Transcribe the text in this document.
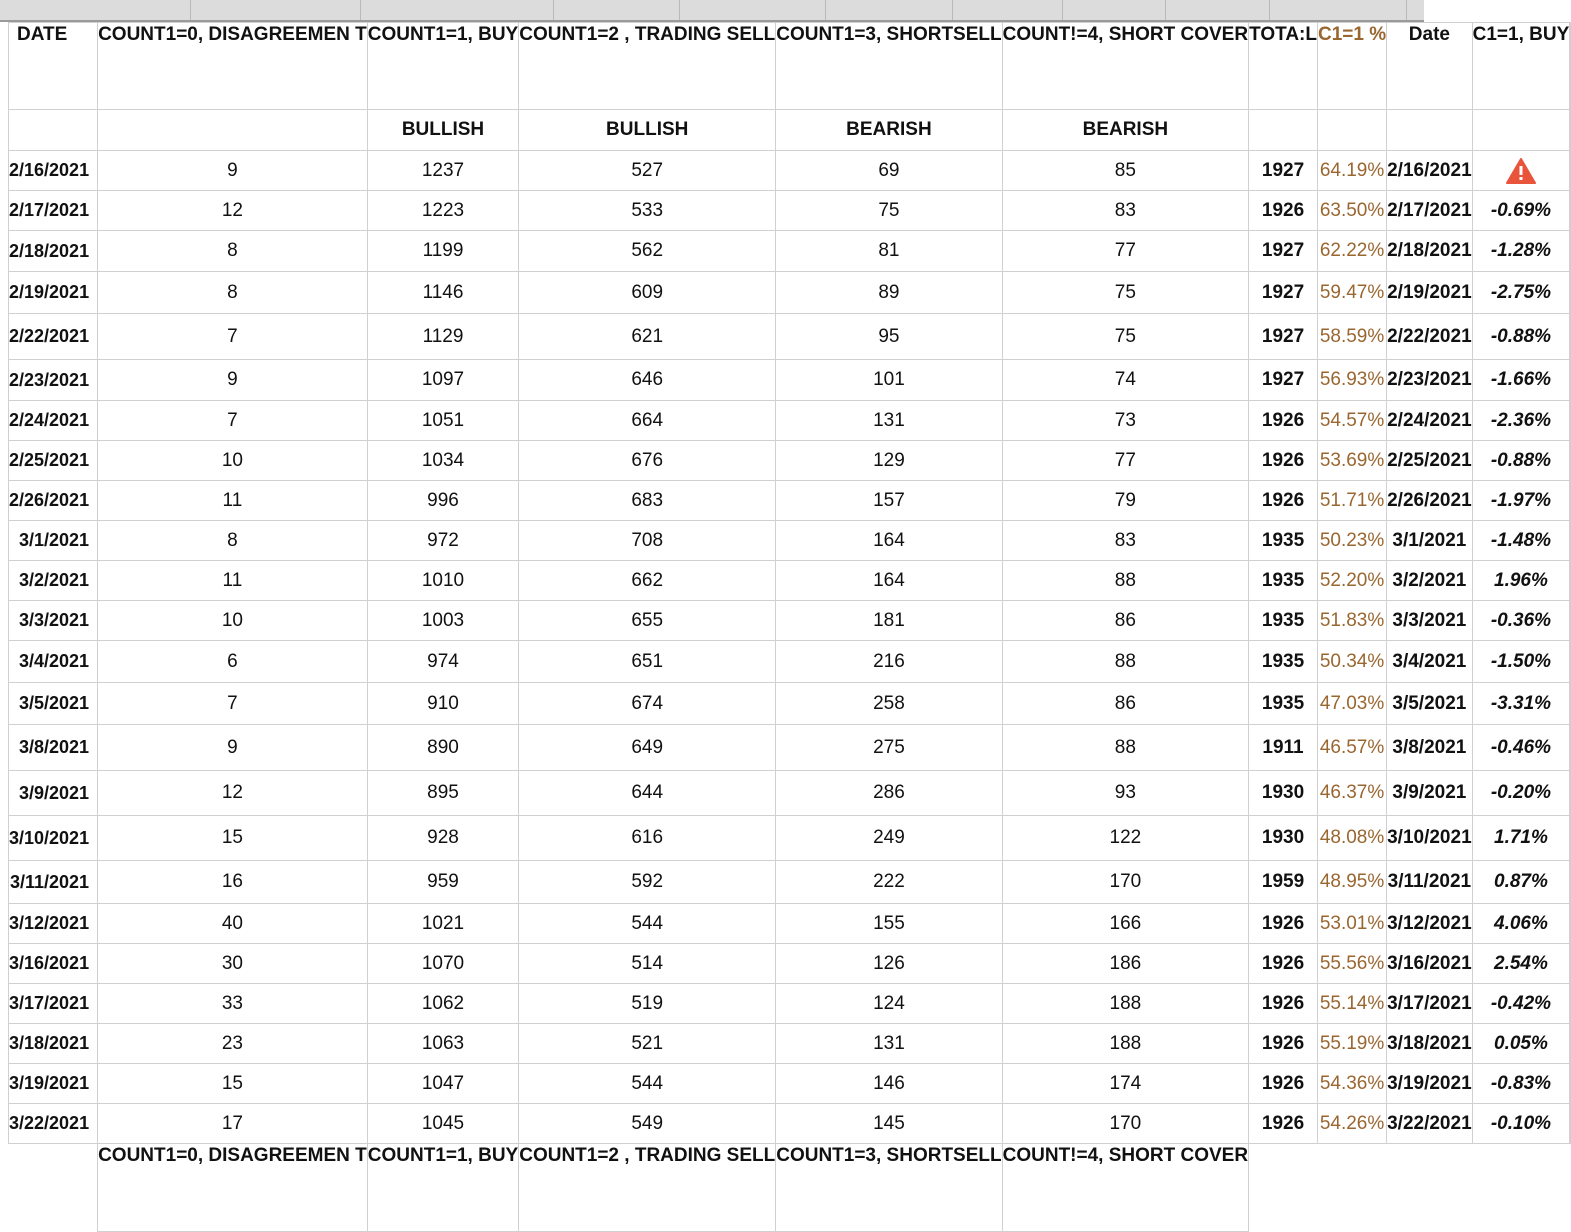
DATE	COUNT1=0, DISAGREEMEN T	COUNT1=1, BUY	COUNT1=2 , TRADING SELL	COUNT1=3, SHORTSELL	COUNT!=4, SHORT COVER	TOTA:L	C1=1 %	Date	C1=1, BUY	
		BULLISH	BULLISH	BEARISH	BEARISH					
2/16/2021	9	1237	527	69	85	1927	64.19%	2/16/2021		
2/17/2021	12	1223	533	75	83	1926	63.50%	2/17/2021	-0.69%	
2/18/2021	8	1199	562	81	77	1927	62.22%	2/18/2021	-1.28%	
2/19/2021	8	1146	609	89	75	1927	59.47%	2/19/2021	-2.75%	
2/22/2021	7	1129	621	95	75	1927	58.59%	2/22/2021	-0.88%	
2/23/2021	9	1097	646	101	74	1927	56.93%	2/23/2021	-1.66%	
2/24/2021	7	1051	664	131	73	1926	54.57%	2/24/2021	-2.36%	
2/25/2021	10	1034	676	129	77	1926	53.69%	2/25/2021	-0.88%	
2/26/2021	11	996	683	157	79	1926	51.71%	2/26/2021	-1.97%	
3/1/2021	8	972	708	164	83	1935	50.23%	3/1/2021	-1.48%	
3/2/2021	11	1010	662	164	88	1935	52.20%	3/2/2021	1.96%	
3/3/2021	10	1003	655	181	86	1935	51.83%	3/3/2021	-0.36%	
3/4/2021	6	974	651	216	88	1935	50.34%	3/4/2021	-1.50%	
3/5/2021	7	910	674	258	86	1935	47.03%	3/5/2021	-3.31%	
3/8/2021	9	890	649	275	88	1911	46.57%	3/8/2021	-0.46%	
3/9/2021	12	895	644	286	93	1930	46.37%	3/9/2021	-0.20%	
3/10/2021	15	928	616	249	122	1930	48.08%	3/10/2021	1.71%	
3/11/2021	16	959	592	222	170	1959	48.95%	3/11/2021	0.87%	
3/12/2021	40	1021	544	155	166	1926	53.01%	3/12/2021	4.06%	
3/16/2021	30	1070	514	126	186	1926	55.56%	3/16/2021	2.54%	
3/17/2021	33	1062	519	124	188	1926	55.14%	3/17/2021	-0.42%	
3/18/2021	23	1063	521	131	188	1926	55.19%	3/18/2021	0.05%	
3/19/2021	15	1047	544	146	174	1926	54.36%	3/19/2021	-0.83%	
3/22/2021	17	1045	549	145	170	1926	54.26%	3/22/2021	-0.10%	
	COUNT1=0, DISAGREEMEN T	COUNT1=1, BUY	COUNT1=2 , TRADING SELL	COUNT1=3, SHORTSELL	COUNT!=4, SHORT COVER					
